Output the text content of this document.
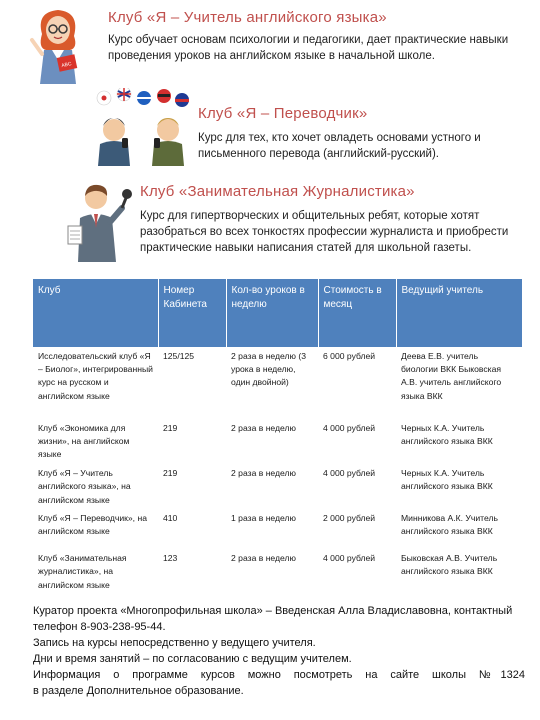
ABC
Клуб «Я – Учитель английского языка»
Курс обучает основам психологии и педагогики, дает практические навыки проведения уроков на английском языке в начальной школе.
Клуб «Я – Переводчик»
Курс для тех, кто хочет овладеть основами устного и письменного перевода (английский-русский).
Клуб «Занимательная Журналистика»
Курс для гипертворческих и общительных ребят, которые хотят разобраться во всех тонкостях профессии журналиста и приобрести практические навыки написания статей для школьной газеты.
Клуб	Номер Кабинета	Кол-во уроков в неделю	Стоимость в месяц	Ведущий учитель
Исследовательский клуб «Я – Биолог», интегрированный курс на русском и английском языке	125/125	2 раза в неделю (3 урока в неделю, один двойной)	6 000 рублей	Деева Е.В. учитель биологии ВКК Быковская А.В. учитель английского языка ВКК
Клуб «Экономика для жизни», на английском языке	219	2 раза в неделю	4 000 рублей	Черных К.А. Учитель английского языка ВКК
Клуб «Я – Учитель английского языка», на английском языке	219	2 раза в неделю	4 000 рублей	Черных К.А. Учитель английского языка ВКК
Клуб «Я – Переводчик», на английском языке	410	1 раза в неделю	2 000 рублей	Минникова А.К. Учитель английского языка ВКК
Клуб «Занимательная журналистика», на английском языке	123	2 раза в неделю	4 000 рублей	Быковская А.В. Учитель английского языка ВКК

Куратор проекта «Многопрофильная школа» – Введенская Алла Владиславовна, контактный телефон 8-903-238-95-44.

Запись на курсы непосредственно у ведущего учителя.

Дни и время занятий – по согласованию с ведущим учителем.

Информация о программе курсов можно посмотреть на сайте школы №1324

в разделе Дополнительное образование.
